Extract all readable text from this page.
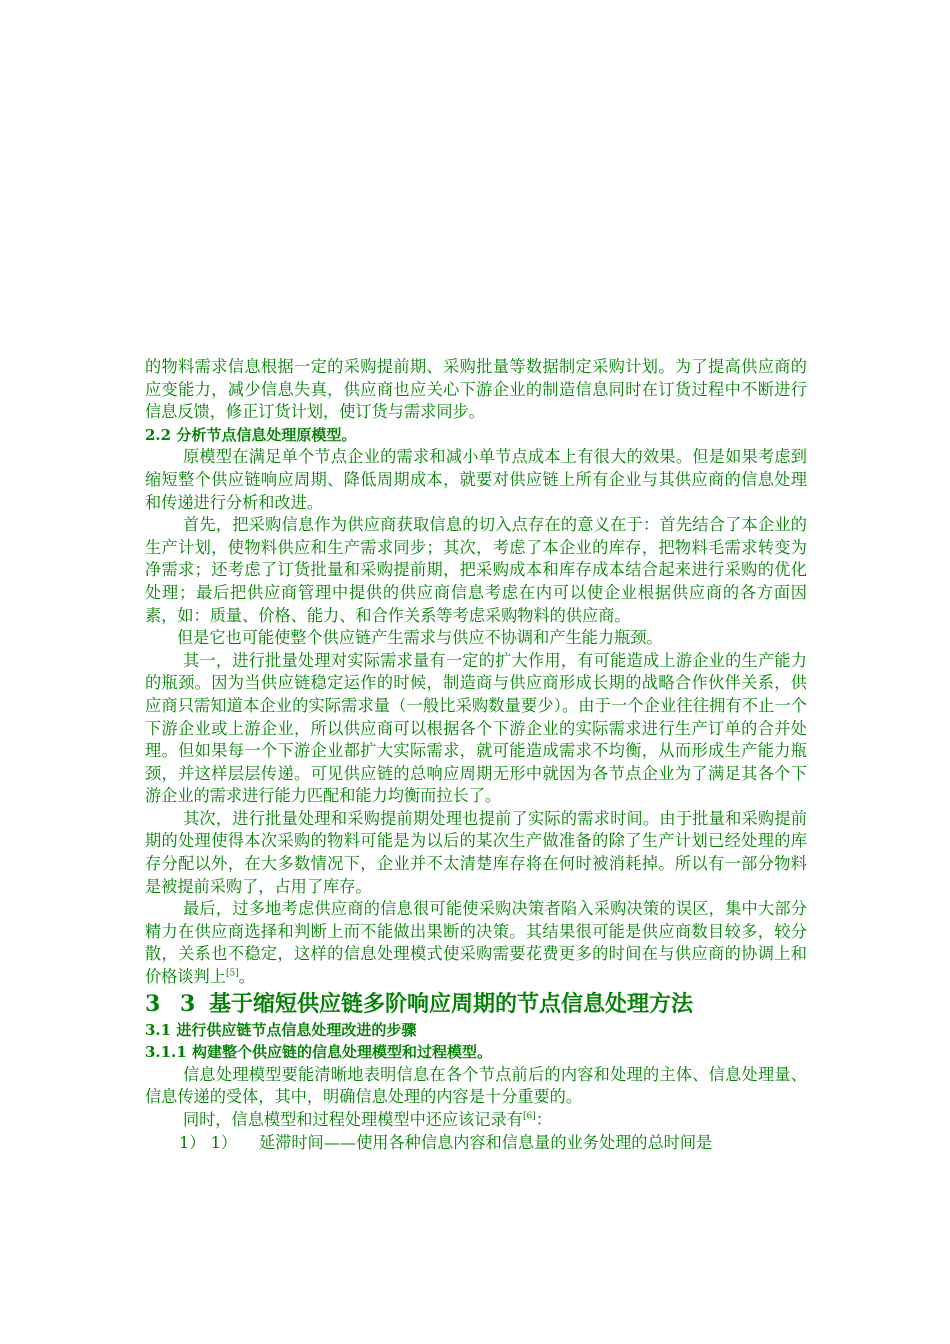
的物料需求信息根据一定的采购提前期、采购批量等数据制定采购计划。为了提高供应商的应变能力，减少信息失真，供应商也应关心下游企业的制造信息同时在订货过程中不断进行信息反馈，修正订货计划，使订货与需求同步。

2.2 分析节点信息处理原模型。

原模型在满足单个节点企业的需求和减小单节点成本上有很大的效果。但是如果考虑到缩短整个供应链响应周期、降低周期成本，就要对供应链上所有企业与其供应商的信息处理和传递进行分析和改进。

首先，把采购信息作为供应商获取信息的切入点存在的意义在于：首先结合了本企业的生产计划，使物料供应和生产需求同步；其次，考虑了本企业的库存，把物料毛需求转变为净需求；还考虑了订货批量和采购提前期，把采购成本和库存成本结合起来进行采购的优化处理；最后把供应商管理中提供的供应商信息考虑在内可以使企业根据供应商的各方面因素，如：质量、价格、能力、和合作关系等考虑采购物料的供应商。

但是它也可能使整个供应链产生需求与供应不协调和产生能力瓶颈。

其一，进行批量处理对实际需求量有一定的扩大作用，有可能造成上游企业的生产能力的瓶颈。因为当供应链稳定运作的时候，制造商与供应商形成长期的战略合作伙伴关系，供应商只需知道本企业的实际需求量（一般比采购数量要少）。由于一个企业往往拥有不止一个下游企业或上游企业，所以供应商可以根据各个下游企业的实际需求进行生产订单的合并处理。但如果每一个下游企业都扩大实际需求，就可能造成需求不均衡，从而形成生产能力瓶颈，并这样层层传递。可见供应链的总响应周期无形中就因为各节点企业为了满足其各个下游企业的需求进行能力匹配和能力均衡而拉长了。

其次，进行批量处理和采购提前期处理也提前了实际的需求时间。由于批量和采购提前期的处理使得本次采购的物料可能是为以后的某次生产做准备的除了生产计划已经处理的库存分配以外，在大多数情况下，企业并不太清楚库存将在何时被消耗掉。所以有一部分物料是被提前采购了，占用了库存。

最后，过多地考虑供应商的信息很可能使采购决策者陷入采购决策的误区，集中大部分精力在供应商选择和判断上而不能做出果断的决策。其结果很可能是供应商数目较多，较分散，关系也不稳定，这样的信息处理模式使采购需要花费更多的时间在与供应商的协调上和价格谈判上[5]。

3 3 基于缩短供应链多阶响应周期的节点信息处理方法

3.1 进行供应链节点信息处理改进的步骤

3.1.1 构建整个供应链的信息处理模型和过程模型。

信息处理模型要能清晰地表明信息在各个节点前后的内容和处理的主体、信息处理量、信息传递的受体，其中，明确信息处理的内容是十分重要的。

同时，信息模型和过程处理模型中还应该记录有[6]：

1） 1） 延滞时间——使用各种信息内容和信息量的业务处理的总时间是
